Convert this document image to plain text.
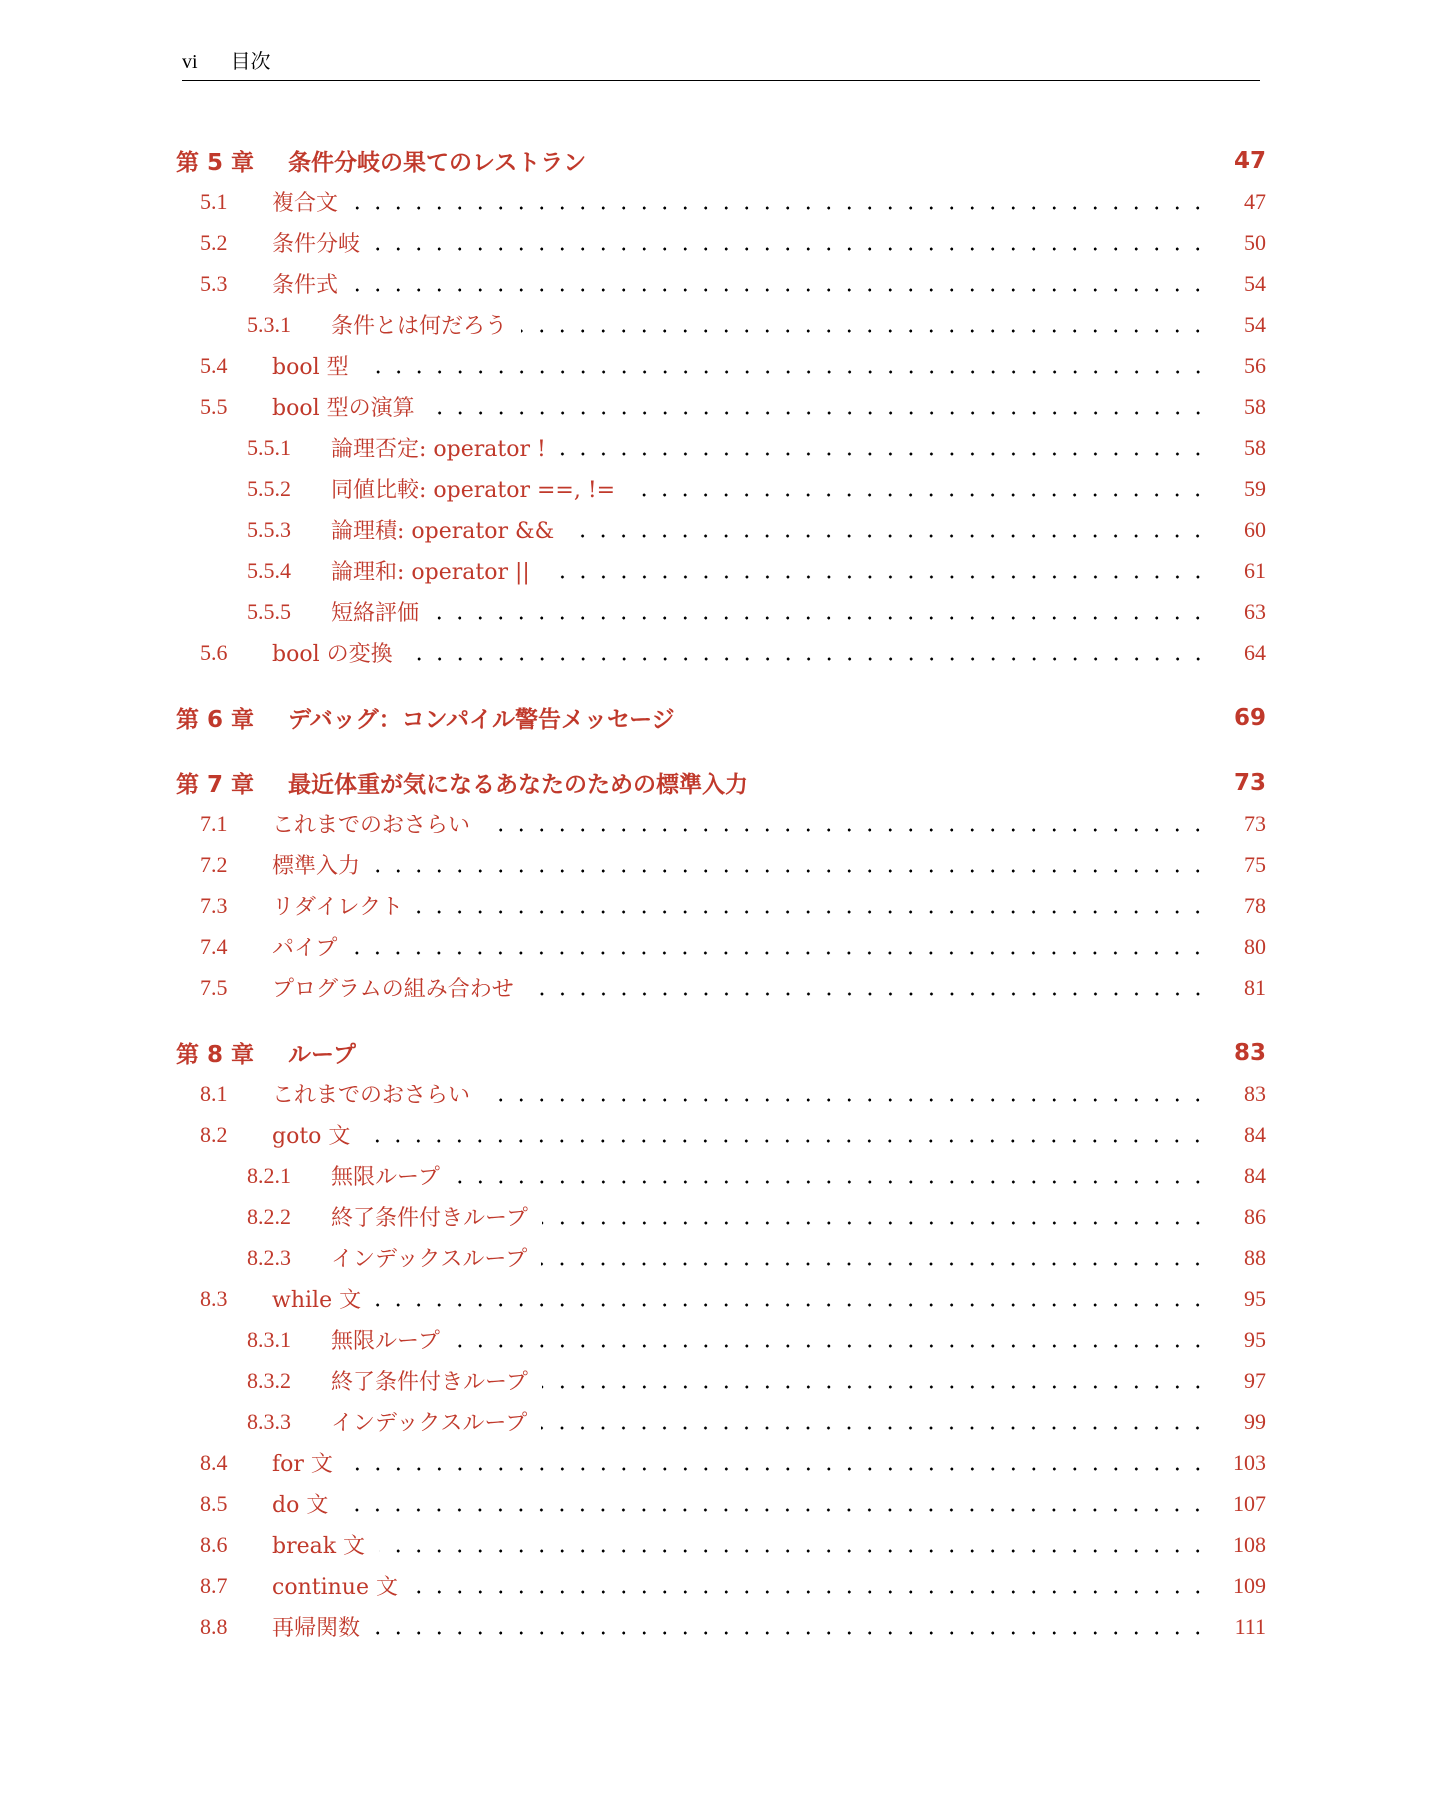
vi 目次
第 5 章	条件分岐の果てのレストラン	47
5.1	複合文	47
5.2	条件分岐	50
5.3	条件式	54
5.3.1	条件とは何だろう	54
5.4	bool 型	56
5.5	bool 型の演算	58
5.5.1	論理否定: operator !	58
5.5.2	同値比較: operator ==, !=	59
5.5.3	論理積: operator &&	60
5.5.4	論理和: operator ||	61
5.5.5	短絡評価	63
5.6	bool の変換	64
第 6 章	デバッグ：コンパイル警告メッセージ	69
第 7 章	最近体重が気になるあなたのための標準入力	73
7.1	これまでのおさらい	73
7.2	標準入力	75
7.3	リダイレクト	78
7.4	パイプ	80
7.5	プログラムの組み合わせ	81
第 8 章	ループ	83
8.1	これまでのおさらい	83
8.2	goto 文	84
8.2.1	無限ループ	84
8.2.2	終了条件付きループ	86
8.2.3	インデックスループ	88
8.3	while 文	95
8.3.1	無限ループ	95
8.3.2	終了条件付きループ	97
8.3.3	インデックスループ	99
8.4	for 文	103
8.5	do 文	107
8.6	break 文	108
8.7	continue 文	109
8.8	再帰関数	111
